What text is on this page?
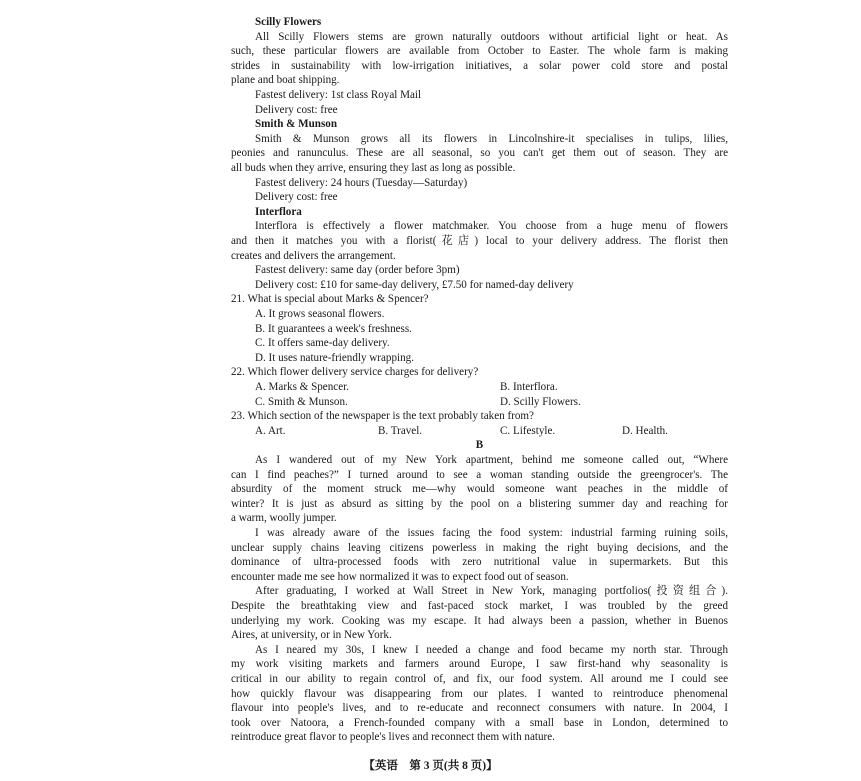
Scilly Flowers
All Scilly Flowers stems are grown naturally outdoors without artificial light or heat. As
such, these particular flowers are available from October to Easter. The whole farm is making
strides in sustainability with low-irrigation initiatives, a solar power cold store and postal
plane and boat shipping.
Fastest delivery: 1st class Royal Mail
Delivery cost: free
Smith & Munson
Smith & Munson grows all its flowers in Lincolnshire-it specialises in tulips, lilies,
peonies and ranunculus. These are all seasonal, so you can't get them out of season. They are
all buds when they arrive, ensuring they last as long as possible.
Fastest delivery: 24 hours (Tuesday—Saturday)
Delivery cost: free
Interflora
Interflora is effectively a flower matchmaker. You choose from a huge menu of flowers
and then it matches you with a florist(花店) local to your delivery address. The florist then
creates and delivers the arrangement.
Fastest delivery: same day (order before 3pm)
Delivery cost: £10 for same-day delivery, £7.50 for named-day delivery
21. What is special about Marks & Spencer?
A. It grows seasonal flowers.
B. It guarantees a week's freshness.
C. It offers same-day delivery.
D. It uses nature-friendly wrapping.
22. Which flower delivery service charges for delivery?
A. Marks & Spencer.	B. Interflora.
C. Smith & Munson.	D. Scilly Flowers.
23. Which section of the newspaper is the text probably taken from?
A. Art.	B. Travel.	C. Lifestyle.	D. Health.
B
As I wandered out of my New York apartment, behind me someone called out, “Where
can I find peaches?” I turned around to see a woman standing outside the greengrocer's. The
absurdity of the moment struck me—why would someone want peaches in the middle of
winter? It is just as absurd as sitting by the pool on a blistering summer day and reaching for
a warm, woolly jumper.
I was already aware of the issues facing the food system: industrial farming ruining soils,
unclear supply chains leaving citizens powerless in making the right buying decisions, and the
dominance of ultra-processed foods with zero nutritional value in supermarkets. But this
encounter made me see how normalized it was to expect food out of season.
After graduating, I worked at Wall Street in New York, managing portfolios(投资组合).
Despite the breathtaking view and fast-paced stock market, I was troubled by the greed
underlying my work. Cooking was my escape. It had always been a passion, whether in Buenos
Aires, at university, or in New York.
As I neared my 30s, I knew I needed a change and food became my north star. Through
my work visiting markets and farmers around Europe, I saw first-hand why seasonality is
critical in our ability to regain control of, and fix, our food system. All around me I could see
how quickly flavour was disappearing from our plates. I wanted to reintroduce phenomenal
flavour into people's lives, and to re-educate and reconnect consumers with nature. In 2004, I
took over Natoora, a French-founded company with a small base in London, determined to
reintroduce great flavor to people's lives and reconnect them with nature.
【英语　第 3 页(共 8 页)】
